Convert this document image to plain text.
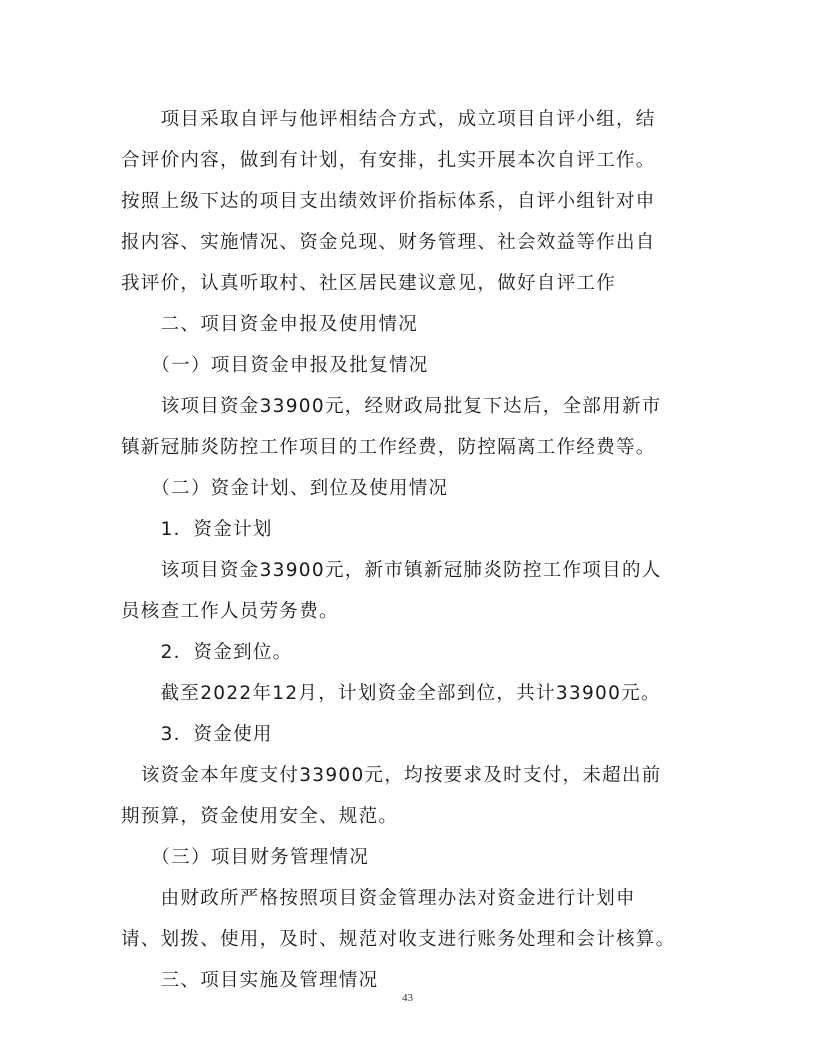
　　项目采取自评与他评相结合方式，成立项目自评小组，结
合评价内容，做到有计划，有安排，扎实开展本次自评工作。
按照上级下达的项目支出绩效评价指标体系，自评小组针对申
报内容、实施情况、资金兑现、财务管理、社会效益等作出自
我评价，认真听取村、社区居民建议意见，做好自评工作
　　二、项目资金申报及使用情况
　　（一）项目资金申报及批复情况
　　该项目资金33900元，经财政局批复下达后，全部用新市
镇新冠肺炎防控工作项目的工作经费，防控隔离工作经费等。
　　（二）资金计划、到位及使用情况
　　1．资金计划
　　该项目资金33900元，新市镇新冠肺炎防控工作项目的人
员核查工作人员劳务费。
　　2．资金到位。
　　截至2022年12月，计划资金全部到位，共计33900元。
　　3．资金使用
　该资金本年度支付33900元，均按要求及时支付，未超出前
期预算，资金使用安全、规范。
　　（三）项目财务管理情况
　　由财政所严格按照项目资金管理办法对资金进行计划申
请、划拨、使用，及时、规范对收支进行账务处理和会计核算。
　　三、项目实施及管理情况
43
